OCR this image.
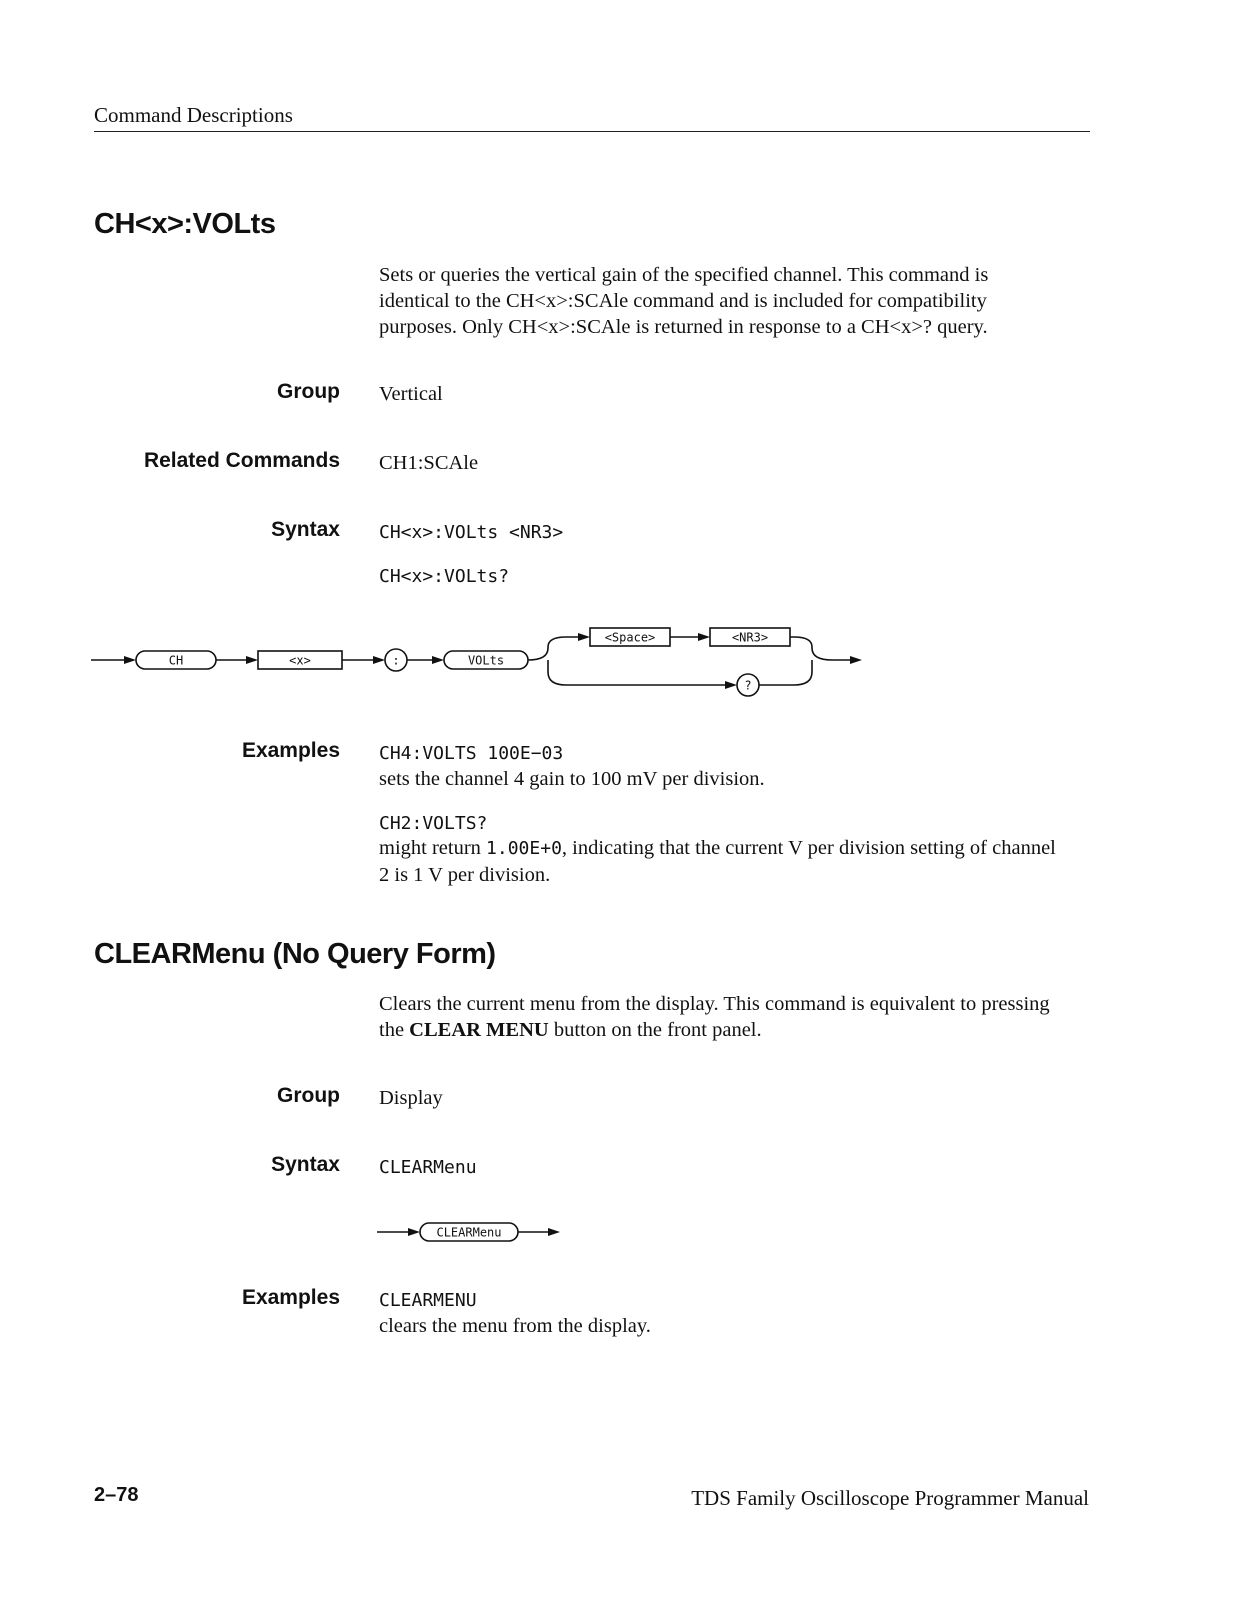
Command Descriptions
CH<x>:VOLts
Sets or queries the vertical gain of the specified channel. This command is identical to the CH<x>:SCAle command and is included for compatibility purposes. Only CH<x>:SCAle is returned in response to a CH<x>? query.
Group Vertical
Related Commands CH1:SCAle
Syntax CH<x>:VOLts <NR3>
CH<x>:VOLts?
CH	<x>	:	VOLts
<Space>	<NR3>
?
Examples CH4:VOLTS 100E−03
sets the channel 4 gain to 100 mV per division.
CH2:VOLTS?
might return 1.00E+0, indicating that the current V per division setting of channel 2 is 1 V per division.
CLEARMenu (No Query Form)
Clears the current menu from the display. This command is equivalent to pressing the CLEAR MENU button on the front panel.
Group Display
Syntax CLEARMenu
CLEARMenu
Examples CLEARMENU
clears the menu from the display.
2–78	TDS Family Oscilloscope Programmer Manual
